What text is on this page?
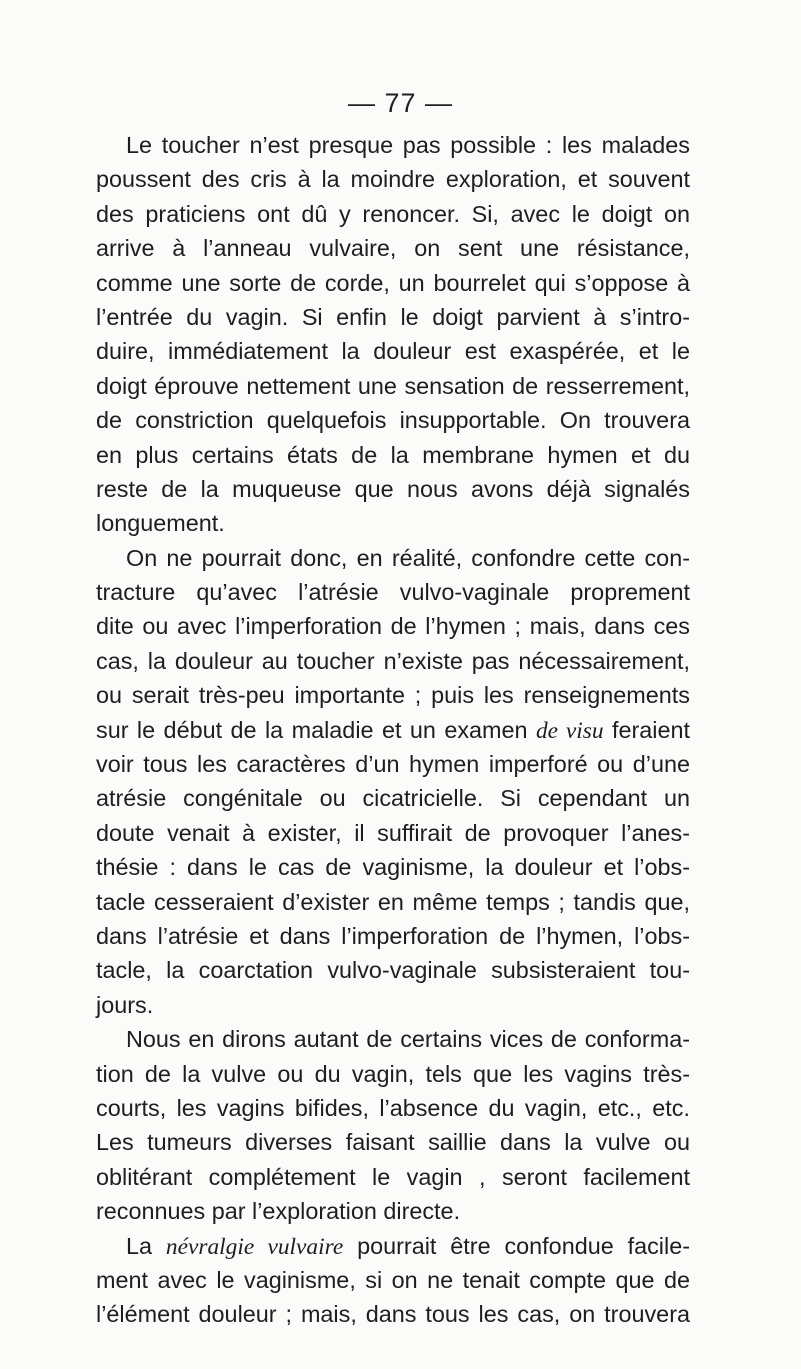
— 77 —
Le toucher n’est presque pas possible : les malades
poussent des cris à la moindre exploration, et souvent
des praticiens ont dû y renoncer. Si, avec le doigt on
arrive à l’anneau vulvaire, on sent une résistance,
comme une sorte de corde, un bourrelet qui s’oppose à
l’entrée du vagin. Si enfin le doigt parvient à s’intro-
duire, immédiatement la douleur est exaspérée, et le
doigt éprouve nettement une sensation de resserrement,
de constriction quelquefois insupportable. On trouvera
en plus certains états de la membrane hymen et du
reste de la muqueuse que nous avons déjà signalés
longuement.
On ne pourrait donc, en réalité, confondre cette con-
tracture qu’avec l’atrésie vulvo-vaginale proprement
dite ou avec l’imperforation de l’hymen ; mais, dans ces
cas, la douleur au toucher n’existe pas nécessairement,
ou serait très-peu importante ; puis les renseignements
sur le début de la maladie et un examen de visu feraient
voir tous les caractères d’un hymen imperforé ou d’une
atrésie congénitale ou cicatricielle. Si cependant un
doute venait à exister, il suffirait de provoquer l’anes-
thésie : dans le cas de vaginisme, la douleur et l’obs-
tacle cesseraient d’exister en même temps ; tandis que,
dans l’atrésie et dans l’imperforation de l’hymen, l’obs-
tacle, la coarctation vulvo-vaginale subsisteraient tou-
jours.
Nous en dirons autant de certains vices de conforma-
tion de la vulve ou du vagin, tels que les vagins très-
courts, les vagins bifides, l’absence du vagin, etc., etc.
Les tumeurs diverses faisant saillie dans la vulve ou
oblitérant complétement le vagin , seront facilement
reconnues par l’exploration directe.
La névralgie vulvaire pourrait être confondue facile-
ment avec le vaginisme, si on ne tenait compte que de
l’élément douleur ; mais, dans tous les cas, on trouvera
